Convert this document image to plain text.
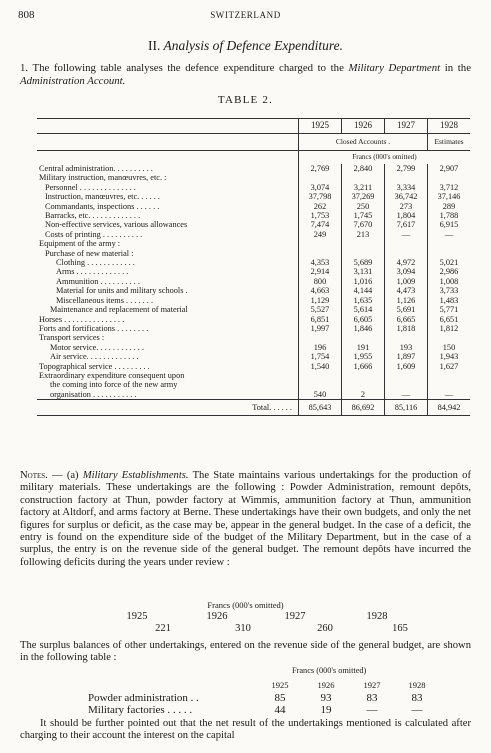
808	SWITZERLAND
II. Analysis of Defence Expenditure.
1. The following table analyses the defence expenditure charged to the Military Department in the Administration Account.
TABLE 2.
	1925	1926	1927	1928
	Closed Accounts .			Estimates
	Francs (000's omitted)			
Central administration. . . . . . . . . .	2,769	2,840	2,799	2,907
Military instruction, manœuvres, etc. :				
Personnel . . . . . . . . . . . . . .	3,074	3,211	3,334	3,712
Instruction, manœuvres, etc. . . . . .	37,798	37,269	36,742	37,146
Commandants, inspections . . . . . .	262	250	273	289
Barracks, etc. . . . . . . . . . . . .	1,753	1,745	1,804	1,788
Non-effective services, various allowances	7,474	7,670	7,617	6,915
Costs of printing . . . . . . . . . .	249	213	—	—
Equipment of the army :				
Purchase of new material :				
Clothing . . . . . . . . . . . .	4,353	5,689	4,972	5,021
Arms . . . . . . . . . . . . .	2,914	3,131	3,094	2,986
Ammunition . . . . . . . . . .	800	1,016	1,009	1,008
Material for units and military schools .	4,663	4,144	4,473	3,733
Miscellaneous items . . . . . . .	1,129	1,635	1,126	1,483
Maintenance and replacement of material	5,527	5,614	5,691	5,771
Horses . . . . . . . . . . . . . . .	6,851	6,605	6,665	6,651
Forts and fortifications . . . . . . . .	1,997	1,846	1,818	1,812
Transport services :				
Motor service. . . . . . . . . . . .	196	191	193	150
Air service. . . . . . . . . . . . .	1,754	1,955	1,897	1,943
Topographical service . . . . . . . . .	1,540	1,666	1,609	1,627
Extraordinary expenditure consequent upon				
the coming into force of the new army				
organisation . . . . . . . . . . .	540	2	—	—
Total. . . . . .	85,643	86,692	85,116	84,942
Notes. — (a) Military Establishments. The State maintains various undertakings for the production of military materials. These undertakings are the following : Powder Administration, remount depôts, construction factory at Thun, powder factory at Wimmis, ammunition factory at Thun, ammunition factory at Altdorf, and arms factory at Berne. These undertakings have their own budgets, and only the net figures for surplus or deficit, as the case may be, appear in the general budget. In the case of a deficit, the entry is found on the expenditure side of the budget of the Military Department, but in the case of a surplus, the entry is on the revenue side of the general budget. The remount depôts have incurred the following deficits during the years under review :
Francs (000's omitted)
1925	1926	1927	1928
221	310	260	165
The surplus balances of other undertakings, entered on the revenue side of the general budget, are shown in the following table :
Francs (000's omitted)
1925	1926	1927	1928
Powder administration . .	85	93	83	83
Military factories . . . . .	44	19	—	—
It should be further pointed out that the net result of the undertakings mentioned is calculated after charging to their account the interest on the capital
